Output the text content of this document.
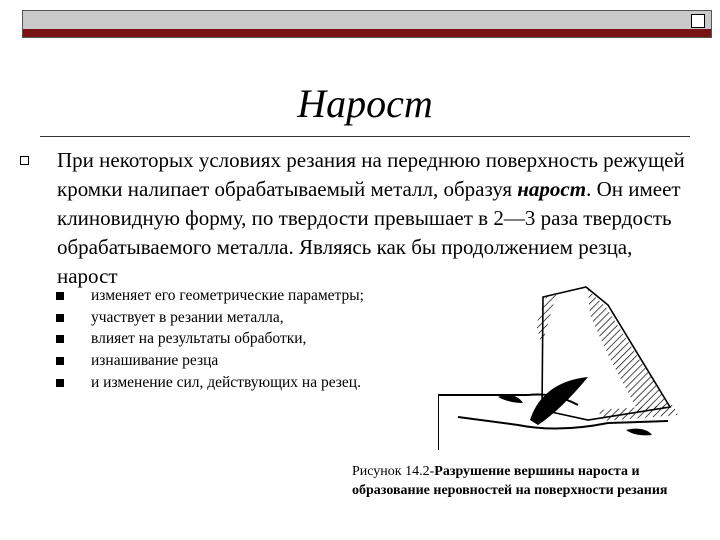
Нарост
При некоторых условиях резания на переднюю поверхность режущей кромки налипает обрабатываемый металл, образуя нарост. Он имеет клиновидную форму, по твердости превышает в 2—3 раза твердость обрабатываемого металла. Являясь как бы продолжением резца, нарост
изменяет его геометрические параметры;
участвует в резании металла,
влияет на результаты обработки,
изнашивание резца
и изменение сил, действующих на резец.
Рисунок 14.2-Разрушение вершины нароста и образование неровностей на поверхности резания
